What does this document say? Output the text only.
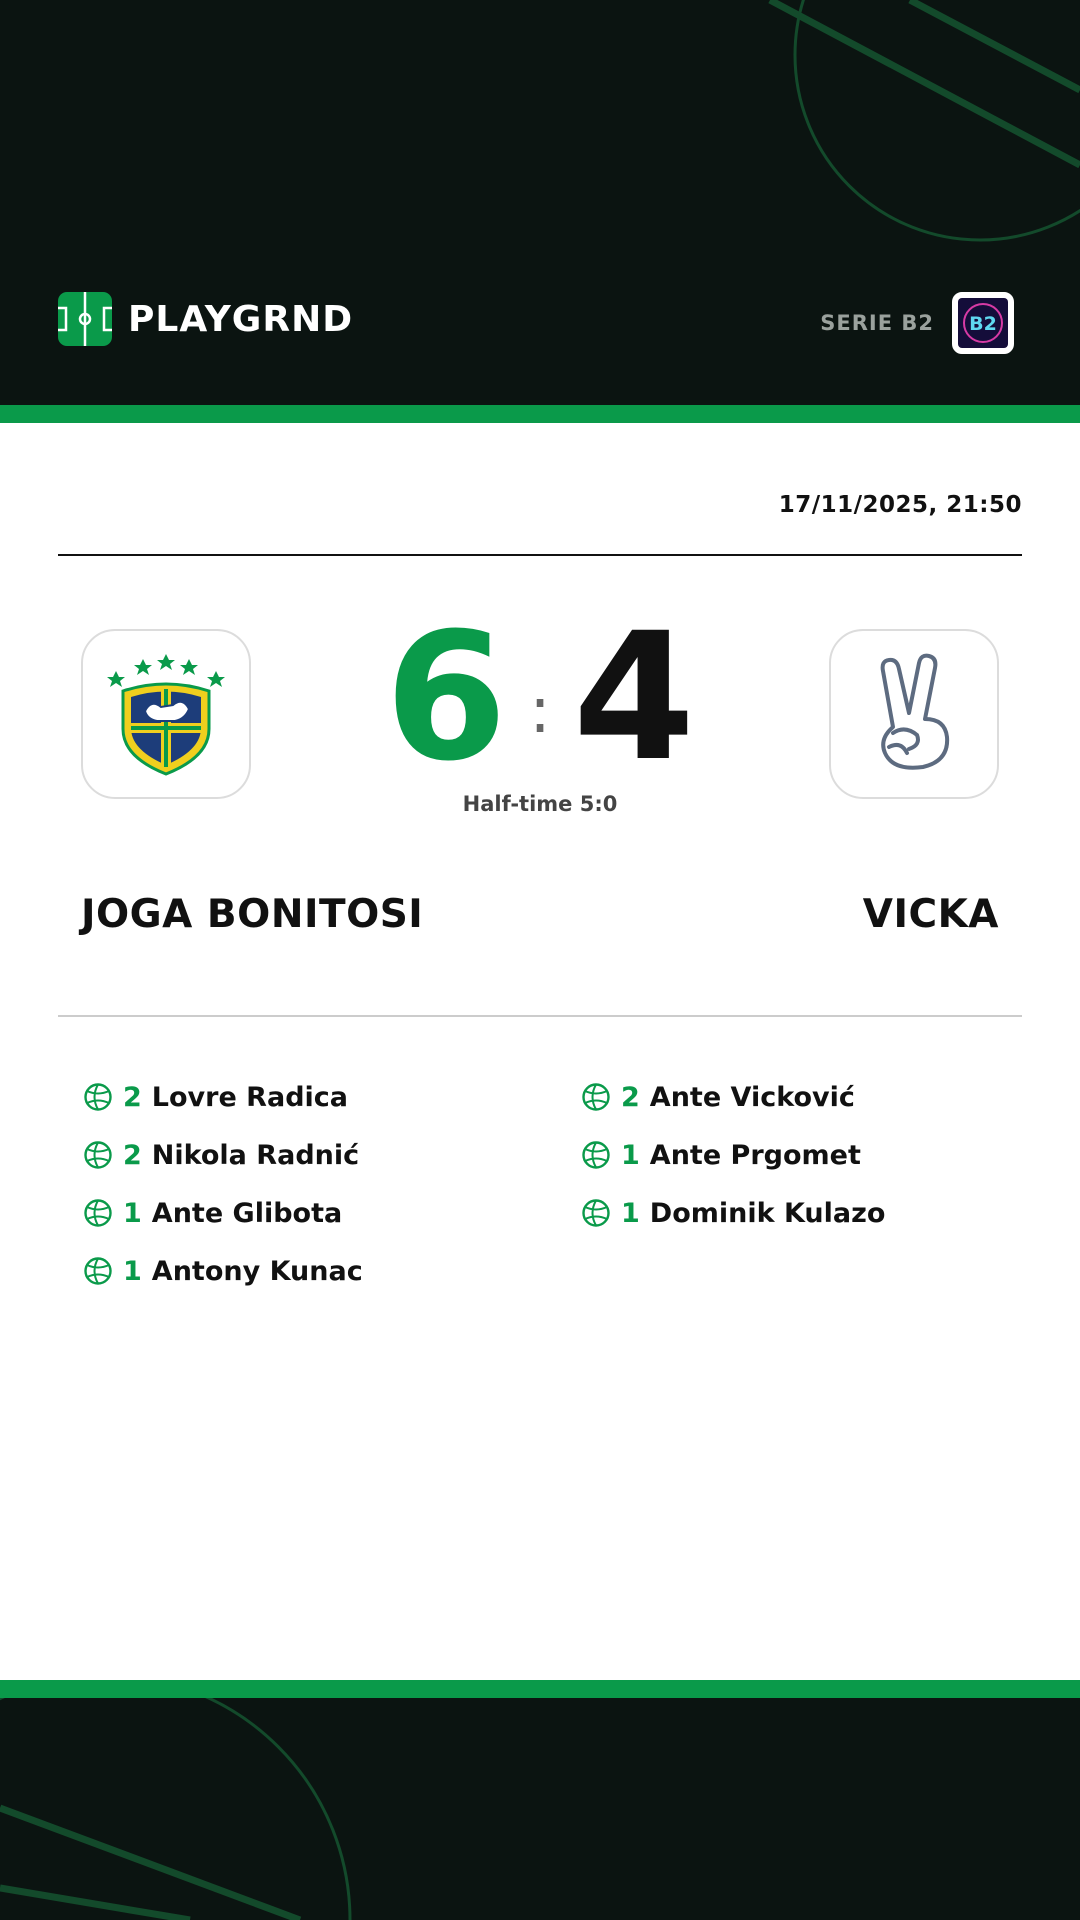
PLAYGRND	SERIE B2 B2
17/11/2025, 21:50
6 : 4
Half-time 5:0
JOGA BONITOSI	VICKA
2 Lovre Radica
2 Nikola Radnić
1 Ante Glibota
1 Antony Kunac
2 Ante Vicković
1 Ante Prgomet
1 Dominik Kulazo
